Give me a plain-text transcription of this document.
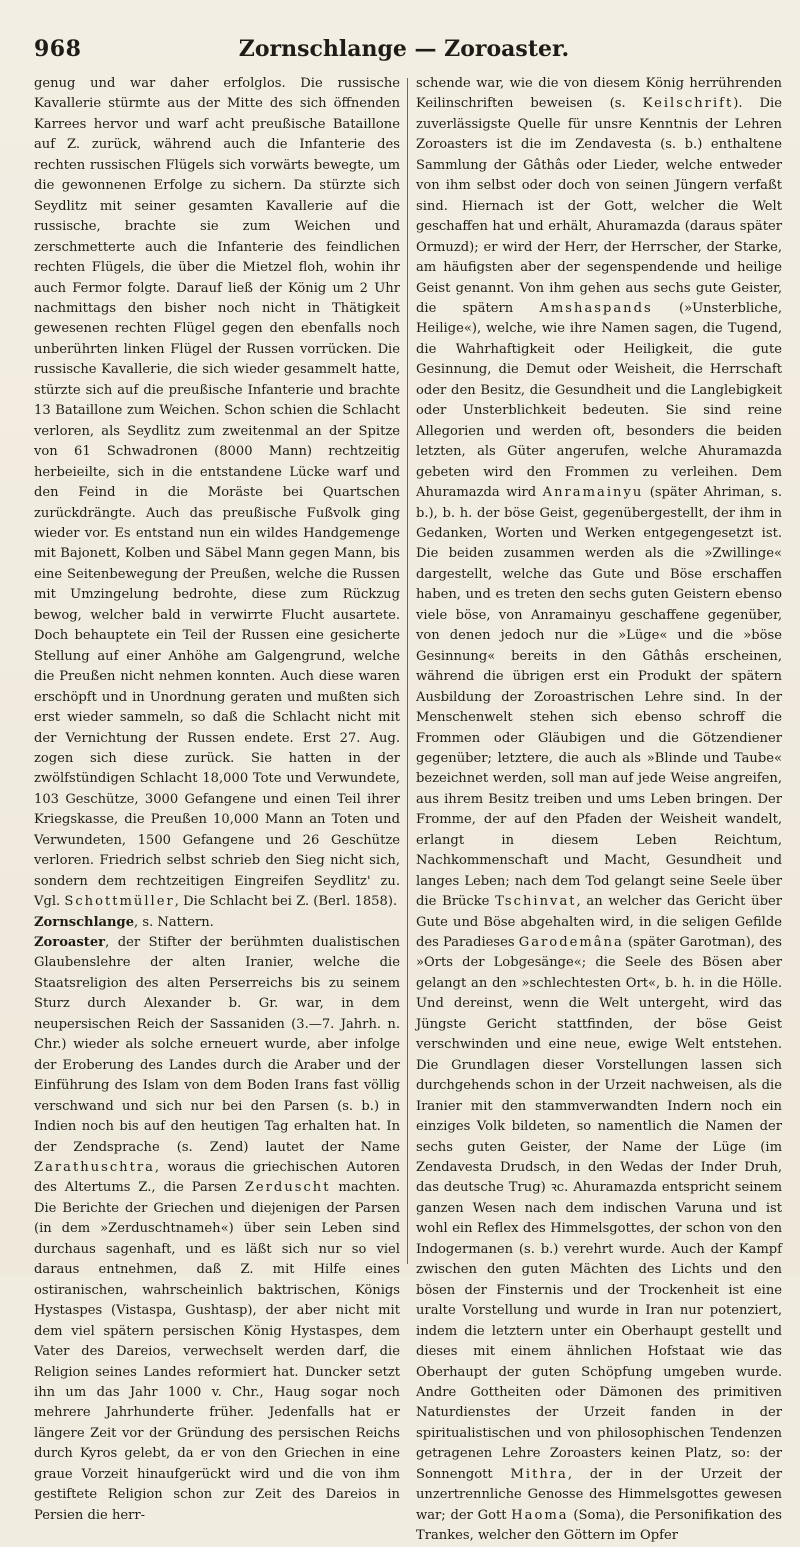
968	Zornschlange — Zoroaster.

genug und war daher erfolglos. Die russische Kavallerie stürmte aus der Mitte des sich öffnenden Karrees hervor und warf acht preußische Bataillone auf Z. zurück, während auch die Infanterie des rechten russischen Flügels sich vorwärts bewegte, um die gewonnenen Erfolge zu sichern. Da stürzte sich Seydlitz mit seiner gesamten Kavallerie auf die russische, brachte sie zum Weichen und zerschmetterte auch die Infanterie des feindlichen rechten Flügels, die über die Mietzel floh, wohin ihr auch Fermor folgte. Darauf ließ der König um 2 Uhr nachmittags den bisher noch nicht in Thätigkeit gewesenen rechten Flügel gegen den ebenfalls noch unberührten linken Flügel der Russen vorrücken. Die russische Kavallerie, die sich wieder gesammelt hatte, stürzte sich auf die preußische Infanterie und brachte 13 Bataillone zum Weichen. Schon schien die Schlacht verloren, als Seydlitz zum zweitenmal an der Spitze von 61 Schwadronen (8000 Mann) rechtzeitig herbeieilte, sich in die entstandene Lücke warf und den Feind in die Moräste bei Quartschen zurückdrängte. Auch das preußische Fußvolk ging wieder vor. Es entstand nun ein wildes Handgemenge mit Bajonett, Kolben und Säbel Mann gegen Mann, bis eine Seitenbewegung der Preußen, welche die Russen mit Umzingelung bedrohte, diese zum Rückzug bewog, welcher bald in verwirrte Flucht ausartete. Doch behauptete ein Teil der Russen eine gesicherte Stellung auf einer Anhöhe am Galgengrund, welche die Preußen nicht nehmen konnten. Auch diese waren erschöpft und in Unordnung geraten und mußten sich erst wieder sammeln, so daß die Schlacht nicht mit der Vernichtung der Russen endete. Erst 27. Aug. zogen sich diese zurück. Sie hatten in der zwölfstündigen Schlacht 18,000 Tote und Verwundete, 103 Geschütze, 3000 Gefangene und einen Teil ihrer Kriegskasse, die Preußen 10,000 Mann an Toten und Verwundeten, 1500 Gefangene und 26 Geschütze verloren. Friedrich selbst schrieb den Sieg nicht sich, sondern dem rechtzeitigen Eingreifen Seydlitz' zu. Vgl. Schottmüller, Die Schlacht bei Z. (Berl. 1858).

Zornschlange, s. Nattern.

Zoroaster, der Stifter der berühmten dualistischen Glaubenslehre der alten Iranier, welche die Staatsreligion des alten Perserreichs bis zu seinem Sturz durch Alexander b. Gr. war, in dem neupersischen Reich der Sassaniden (3.—7. Jahrh. n. Chr.) wieder als solche erneuert wurde, aber infolge der Eroberung des Landes durch die Araber und der Einführung des Islam von dem Boden Irans fast völlig verschwand und sich nur bei den Parsen (s. b.) in Indien noch bis auf den heutigen Tag erhalten hat. In der Zendsprache (s. Zend) lautet der Name Zarathuschtra, woraus die griechischen Autoren des Altertums Z., die Parsen Zerduscht machten. Die Berichte der Griechen und diejenigen der Parsen (in dem »Zerduschtnameh«) über sein Leben sind durchaus sagenhaft, und es läßt sich nur so viel daraus entnehmen, daß Z. mit Hilfe eines ostiranischen, wahrscheinlich baktrischen, Königs Hystaspes (Vistaspa, Gushtasp), der aber nicht mit dem viel spätern persischen König Hystaspes, dem Vater des Dareios, verwechselt werden darf, die Religion seines Landes reformiert hat. Duncker setzt ihn um das Jahr 1000 v. Chr., Haug sogar noch mehrere Jahrhunderte früher. Jedenfalls hat er längere Zeit vor der Gründung des persischen Reichs durch Kyros gelebt, da er von den Griechen in eine graue Vorzeit hinaufgerückt wird und die von ihm gestiftete Religion schon zur Zeit des Dareios in Persien die herr-

schende war, wie die von diesem König herrührenden Keilinschriften beweisen (s. Keilschrift). Die zuverlässigste Quelle für unsre Kenntnis der Lehren Zoroasters ist die im Zendavesta (s. b.) enthaltene Sammlung der Gâthâs oder Lieder, welche entweder von ihm selbst oder doch von seinen Jüngern verfaßt sind. Hiernach ist der Gott, welcher die Welt geschaffen hat und erhält, Ahuramazda (daraus später Ormuzd); er wird der Herr, der Herrscher, der Starke, am häufigsten aber der segenspendende und heilige Geist genannt. Von ihm gehen aus sechs gute Geister, die spätern Amshaspands (»Unsterbliche, Heilige«), welche, wie ihre Namen sagen, die Tugend, die Wahrhaftigkeit oder Heiligkeit, die gute Gesinnung, die Demut oder Weisheit, die Herrschaft oder den Besitz, die Gesundheit und die Langlebigkeit oder Unsterblichkeit bedeuten. Sie sind reine Allegorien und werden oft, besonders die beiden letzten, als Güter angerufen, welche Ahuramazda gebeten wird den Frommen zu verleihen. Dem Ahuramazda wird Anramainyu (später Ahriman, s. b.), b. h. der böse Geist, gegenübergestellt, der ihm in Gedanken, Worten und Werken entgegengesetzt ist. Die beiden zusammen werden als die »Zwillinge« dargestellt, welche das Gute und Böse erschaffen haben, und es treten den sechs guten Geistern ebenso viele böse, von Anramainyu geschaffene gegenüber, von denen jedoch nur die »Lüge« und die »böse Gesinnung« bereits in den Gâthâs erscheinen, während die übrigen erst ein Produkt der spätern Ausbildung der Zoroastrischen Lehre sind. In der Menschenwelt stehen sich ebenso schroff die Frommen oder Gläubigen und die Götzendiener gegenüber; letztere, die auch als »Blinde und Taube« bezeichnet werden, soll man auf jede Weise angreifen, aus ihrem Besitz treiben und ums Leben bringen. Der Fromme, der auf den Pfaden der Weisheit wandelt, erlangt in diesem Leben Reichtum, Nachkommenschaft und Macht, Gesundheit und langes Leben; nach dem Tod gelangt seine Seele über die Brücke Tschinvat, an welcher das Gericht über Gute und Böse abgehalten wird, in die seligen Gefilde des Paradieses Garodemâna (später Garotman), des »Orts der Lobgesänge«; die Seele des Bösen aber gelangt an den »schlechtesten Ort«, b. h. in die Hölle. Und dereinst, wenn die Welt untergeht, wird das Jüngste Gericht stattfinden, der böse Geist verschwinden und eine neue, ewige Welt entstehen. Die Grundlagen dieser Vorstellungen lassen sich durchgehends schon in der Urzeit nachweisen, als die Iranier mit den stammverwandten Indern noch ein einziges Volk bildeten, so namentlich die Namen der sechs guten Geister, der Name der Lüge (im Zendavesta Drudsch, in den Wedas der Inder Druh, das deutsche Trug) ꝛc. Ahuramazda entspricht seinem ganzen Wesen nach dem indischen Varuna und ist wohl ein Reflex des Himmelsgottes, der schon von den Indogermanen (s. b.) verehrt wurde. Auch der Kampf zwischen den guten Mächten des Lichts und den bösen der Finsternis und der Trockenheit ist eine uralte Vorstellung und wurde in Iran nur potenziert, indem die letztern unter ein Oberhaupt gestellt und dieses mit einem ähnlichen Hofstaat wie das Oberhaupt der guten Schöpfung umgeben wurde. Andre Gottheiten oder Dämonen des primitiven Naturdienstes der Urzeit fanden in der spiritualistischen und von philosophischen Tendenzen getragenen Lehre Zoroasters keinen Platz, so: der Sonnengott Mithra, der in der Urzeit der unzertrennliche Genosse des Himmelsgottes gewesen war; der Gott Haoma (Soma), die Personifikation des Trankes, welcher den Göttern im Opfer
